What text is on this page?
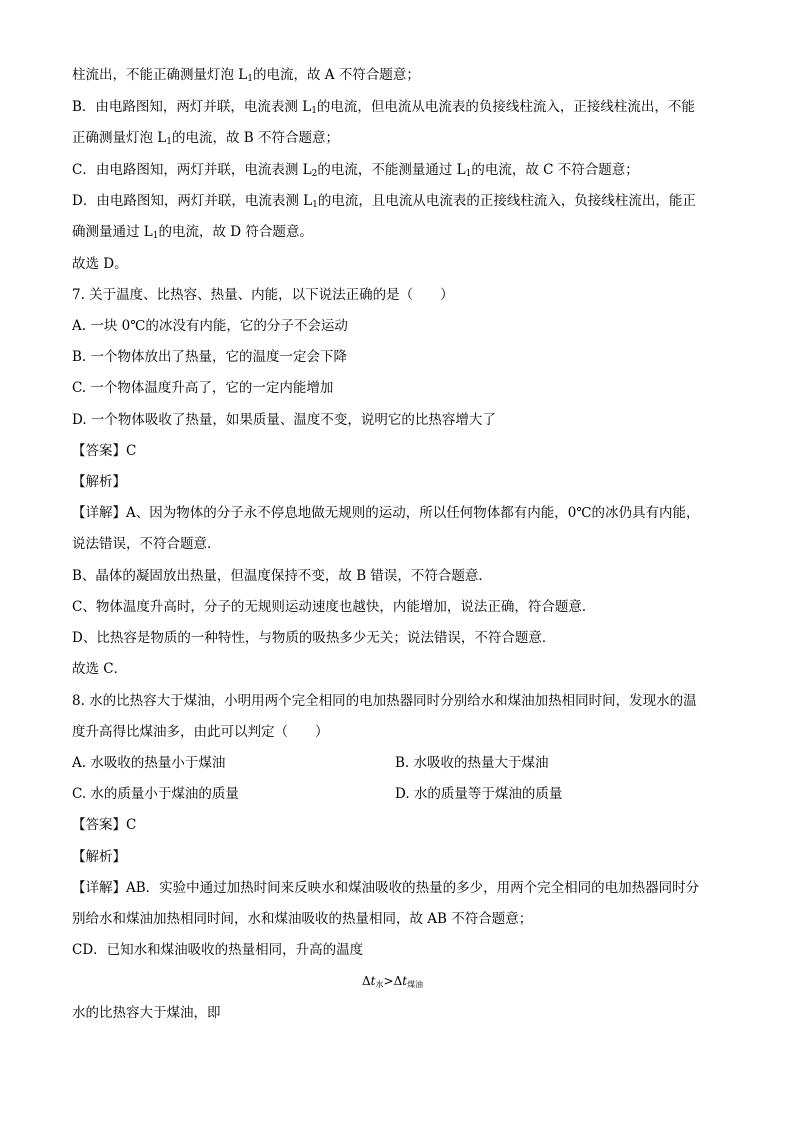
柱流出，不能正确测量灯泡 $L_1$的电流，故 A 不符合题意；
B．由电路图知，两灯并联，电流表测 $L_1$的电流，但电流从电流表的负接线柱流入，正接线柱流出，不能
正确测量灯泡 $L_1$的电流，故 B 不符合题意；
C．由电路图知，两灯并联，电流表测 $L_2$的电流，不能测量通过 $L_1$的电流，故 C 不符合题意；
D．由电路图知，两灯并联，电流表测 $L_1$的电流，且电流从电流表的正接线柱流入，负接线柱流出，能正
确测量通过 $L_1$的电流，故 D 符合题意。
故选 D。
7. 关于温度、比热容、热量、内能，以下说法正确的是（　　）
A. 一块 0℃的冰没有内能，它的分子不会运动
B. 一个物体放出了热量，它的温度一定会下降
C. 一个物体温度升高了，它的一定内能增加
D. 一个物体吸收了热量，如果质量、温度不变，说明它的比热容增大了
【答案】C
【解析】
【详解】A、因为物体的分子永不停息地做无规则的运动，所以任何物体都有内能，0℃的冰仍具有内能，
说法错误，不符合题意．
B、晶体的凝固放出热量，但温度保持不变，故 B 错误，不符合题意．
C、物体温度升高时，分子的无规则运动速度也越快，内能增加，说法正确，符合题意．
D、比热容是物质的一种特性，与物质的吸热多少无关；说法错误，不符合题意．
故选 C．
8. 水的比热容大于煤油，小明用两个完全相同的电加热器同时分别给水和煤油加热相同时间，发现水的温
度升高得比煤油多，由此可以判定（　　）
A. 水吸收的热量小于煤油	B. 水吸收的热量大于煤油
C. 水的质量小于煤油的质量	D. 水的质量等于煤油的质量
【答案】C
【解析】
【详解】AB．实验中通过加热时间来反映水和煤油吸收的热量的多少，用两个完全相同的电加热器同时分
别给水和煤油加热相同时间，水和煤油吸收的热量相同，故 AB 不符合题意；
CD．已知水和煤油吸收的热量相同，升高的温度
$\Delta t_水>\Delta t_{煤油}$
水的比热容大于煤油，即
